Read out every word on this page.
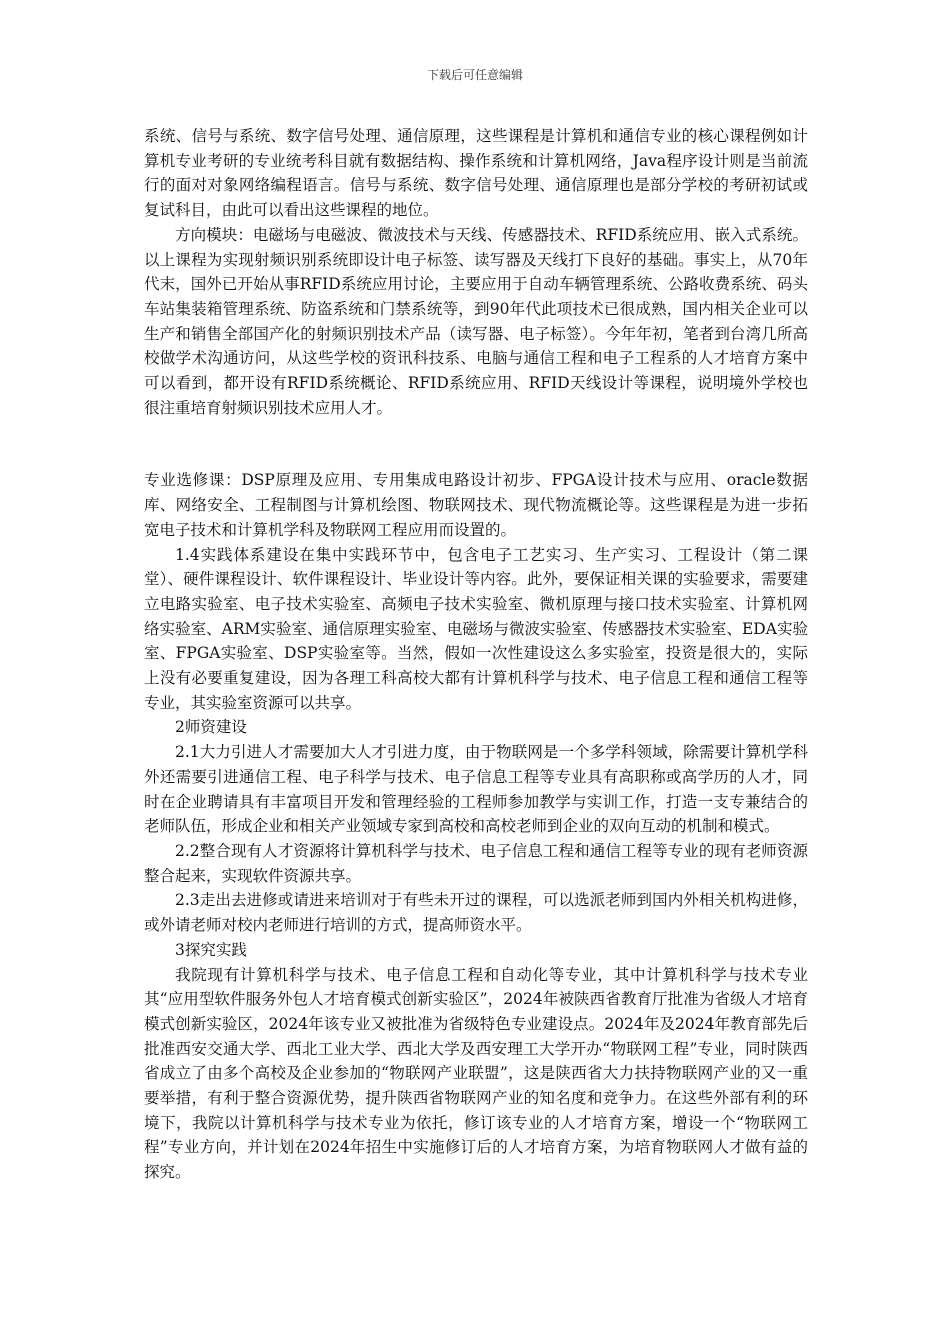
下载后可任意编辑

系统、信号与系统、数字信号处理、通信原理，这些课程是计算机和通信专业的核心课程例如计算机专业考研的专业统考科目就有数据结构、操作系统和计算机网络，Java程序设计则是当前流行的面对对象网络编程语言。信号与系统、数字信号处理、通信原理也是部分学校的考研初试或复试科目，由此可以看出这些课程的地位。

方向模块：电磁场与电磁波、微波技术与天线、传感器技术、RFID系统应用、嵌入式系统。以上课程为实现射频识别系统即设计电子标签、读写器及天线打下良好的基础。事实上，从70年代末，国外已开始从事RFID系统应用讨论，主要应用于自动车辆管理系统、公路收费系统、码头车站集装箱管理系统、防盗系统和门禁系统等，到90年代此项技术已很成熟，国内相关企业可以生产和销售全部国产化的射频识别技术产品（读写器、电子标签）。今年年初，笔者到台湾几所高校做学术沟通访问，从这些学校的资讯科技系、电脑与通信工程和电子工程系的人才培育方案中可以看到，都开设有RFID系统概论、RFID系统应用、RFID天线设计等课程，说明境外学校也很注重培育射频识别技术应用人才。

专业选修课：DSP原理及应用、专用集成电路设计初步、FPGA设计技术与应用、oracle数据库、网络安全、工程制图与计算机绘图、物联网技术、现代物流概论等。这些课程是为进一步拓宽电子技术和计算机学科及物联网工程应用而设置的。

1.4实践体系建设在集中实践环节中，包含电子工艺实习、生产实习、工程设计（第二课堂）、硬件课程设计、软件课程设计、毕业设计等内容。此外，要保证相关课的实验要求，需要建立电路实验室、电子技术实验室、高频电子技术实验室、微机原理与接口技术实验室、计算机网络实验室、ARM实验室、通信原理实验室、电磁场与微波实验室、传感器技术实验室、EDA实验室、FPGA实验室、DSP实验室等。当然，假如一次性建设这么多实验室，投资是很大的，实际上没有必要重复建设，因为各理工科高校大都有计算机科学与技术、电子信息工程和通信工程等专业，其实验室资源可以共享。

2师资建设

2.1大力引进人才需要加大人才引进力度，由于物联网是一个多学科领域，除需要计算机学科外还需要引进通信工程、电子科学与技术、电子信息工程等专业具有高职称或高学历的人才，同时在企业聘请具有丰富项目开发和管理经验的工程师参加教学与实训工作，打造一支专兼结合的老师队伍，形成企业和相关产业领域专家到高校和高校老师到企业的双向互动的机制和模式。

2.2整合现有人才资源将计算机科学与技术、电子信息工程和通信工程等专业的现有老师资源整合起来，实现软件资源共享。

2.3走出去进修或请进来培训对于有些未开过的课程，可以选派老师到国内外相关机构进修，或外请老师对校内老师进行培训的方式，提高师资水平。

3探究实践

我院现有计算机科学与技术、电子信息工程和自动化等专业，其中计算机科学与技术专业其“应用型软件服务外包人才培育模式创新实验区”，2024年被陕西省教育厅批准为省级人才培育模式创新实验区，2024年该专业又被批准为省级特色专业建设点。2024年及2024年教育部先后批准西安交通大学、西北工业大学、西北大学及西安理工大学开办“物联网工程”专业，同时陕西省成立了由多个高校及企业参加的“物联网产业联盟”，这是陕西省大力扶持物联网产业的又一重要举措，有利于整合资源优势，提升陕西省物联网产业的知名度和竞争力。在这些外部有利的环境下，我院以计算机科学与技术专业为依托，修订该专业的人才培育方案，增设一个“物联网工程”专业方向，并计划在2024年招生中实施修订后的人才培育方案，为培育物联网人才做有益的探究。
